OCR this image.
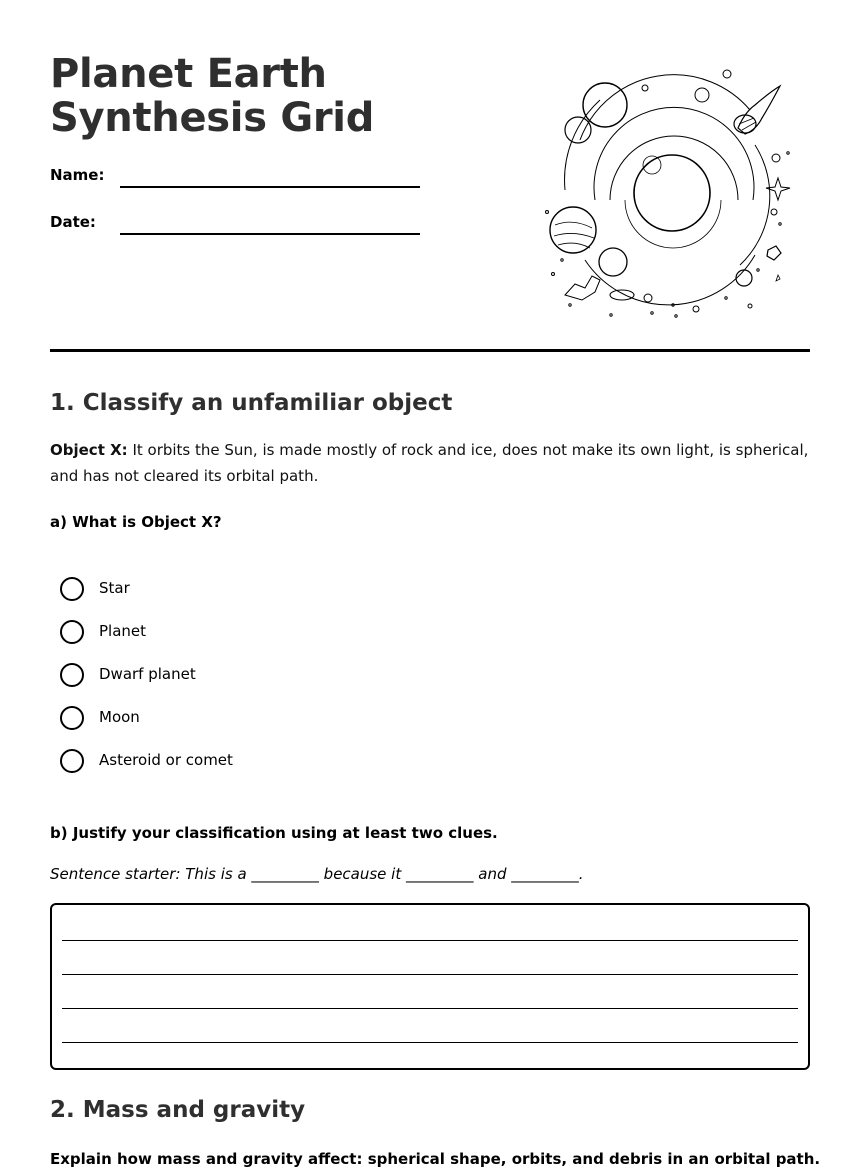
Planet Earth Synthesis Grid
Name:
Date:
1. Classify an unfamiliar object
Object X: It orbits the Sun, is made mostly of rock and ice, does not make its own light, is spherical, and has not cleared its orbital path.
a) What is Object X?
Star
Planet
Dwarf planet
Moon
Asteroid or comet
b) Justify your classification using at least two clues.
Sentence starter: This is a _________ because it _________ and _________.
2. Mass and gravity
Explain how mass and gravity affect: spherical shape, orbits, and debris in an orbital path.
